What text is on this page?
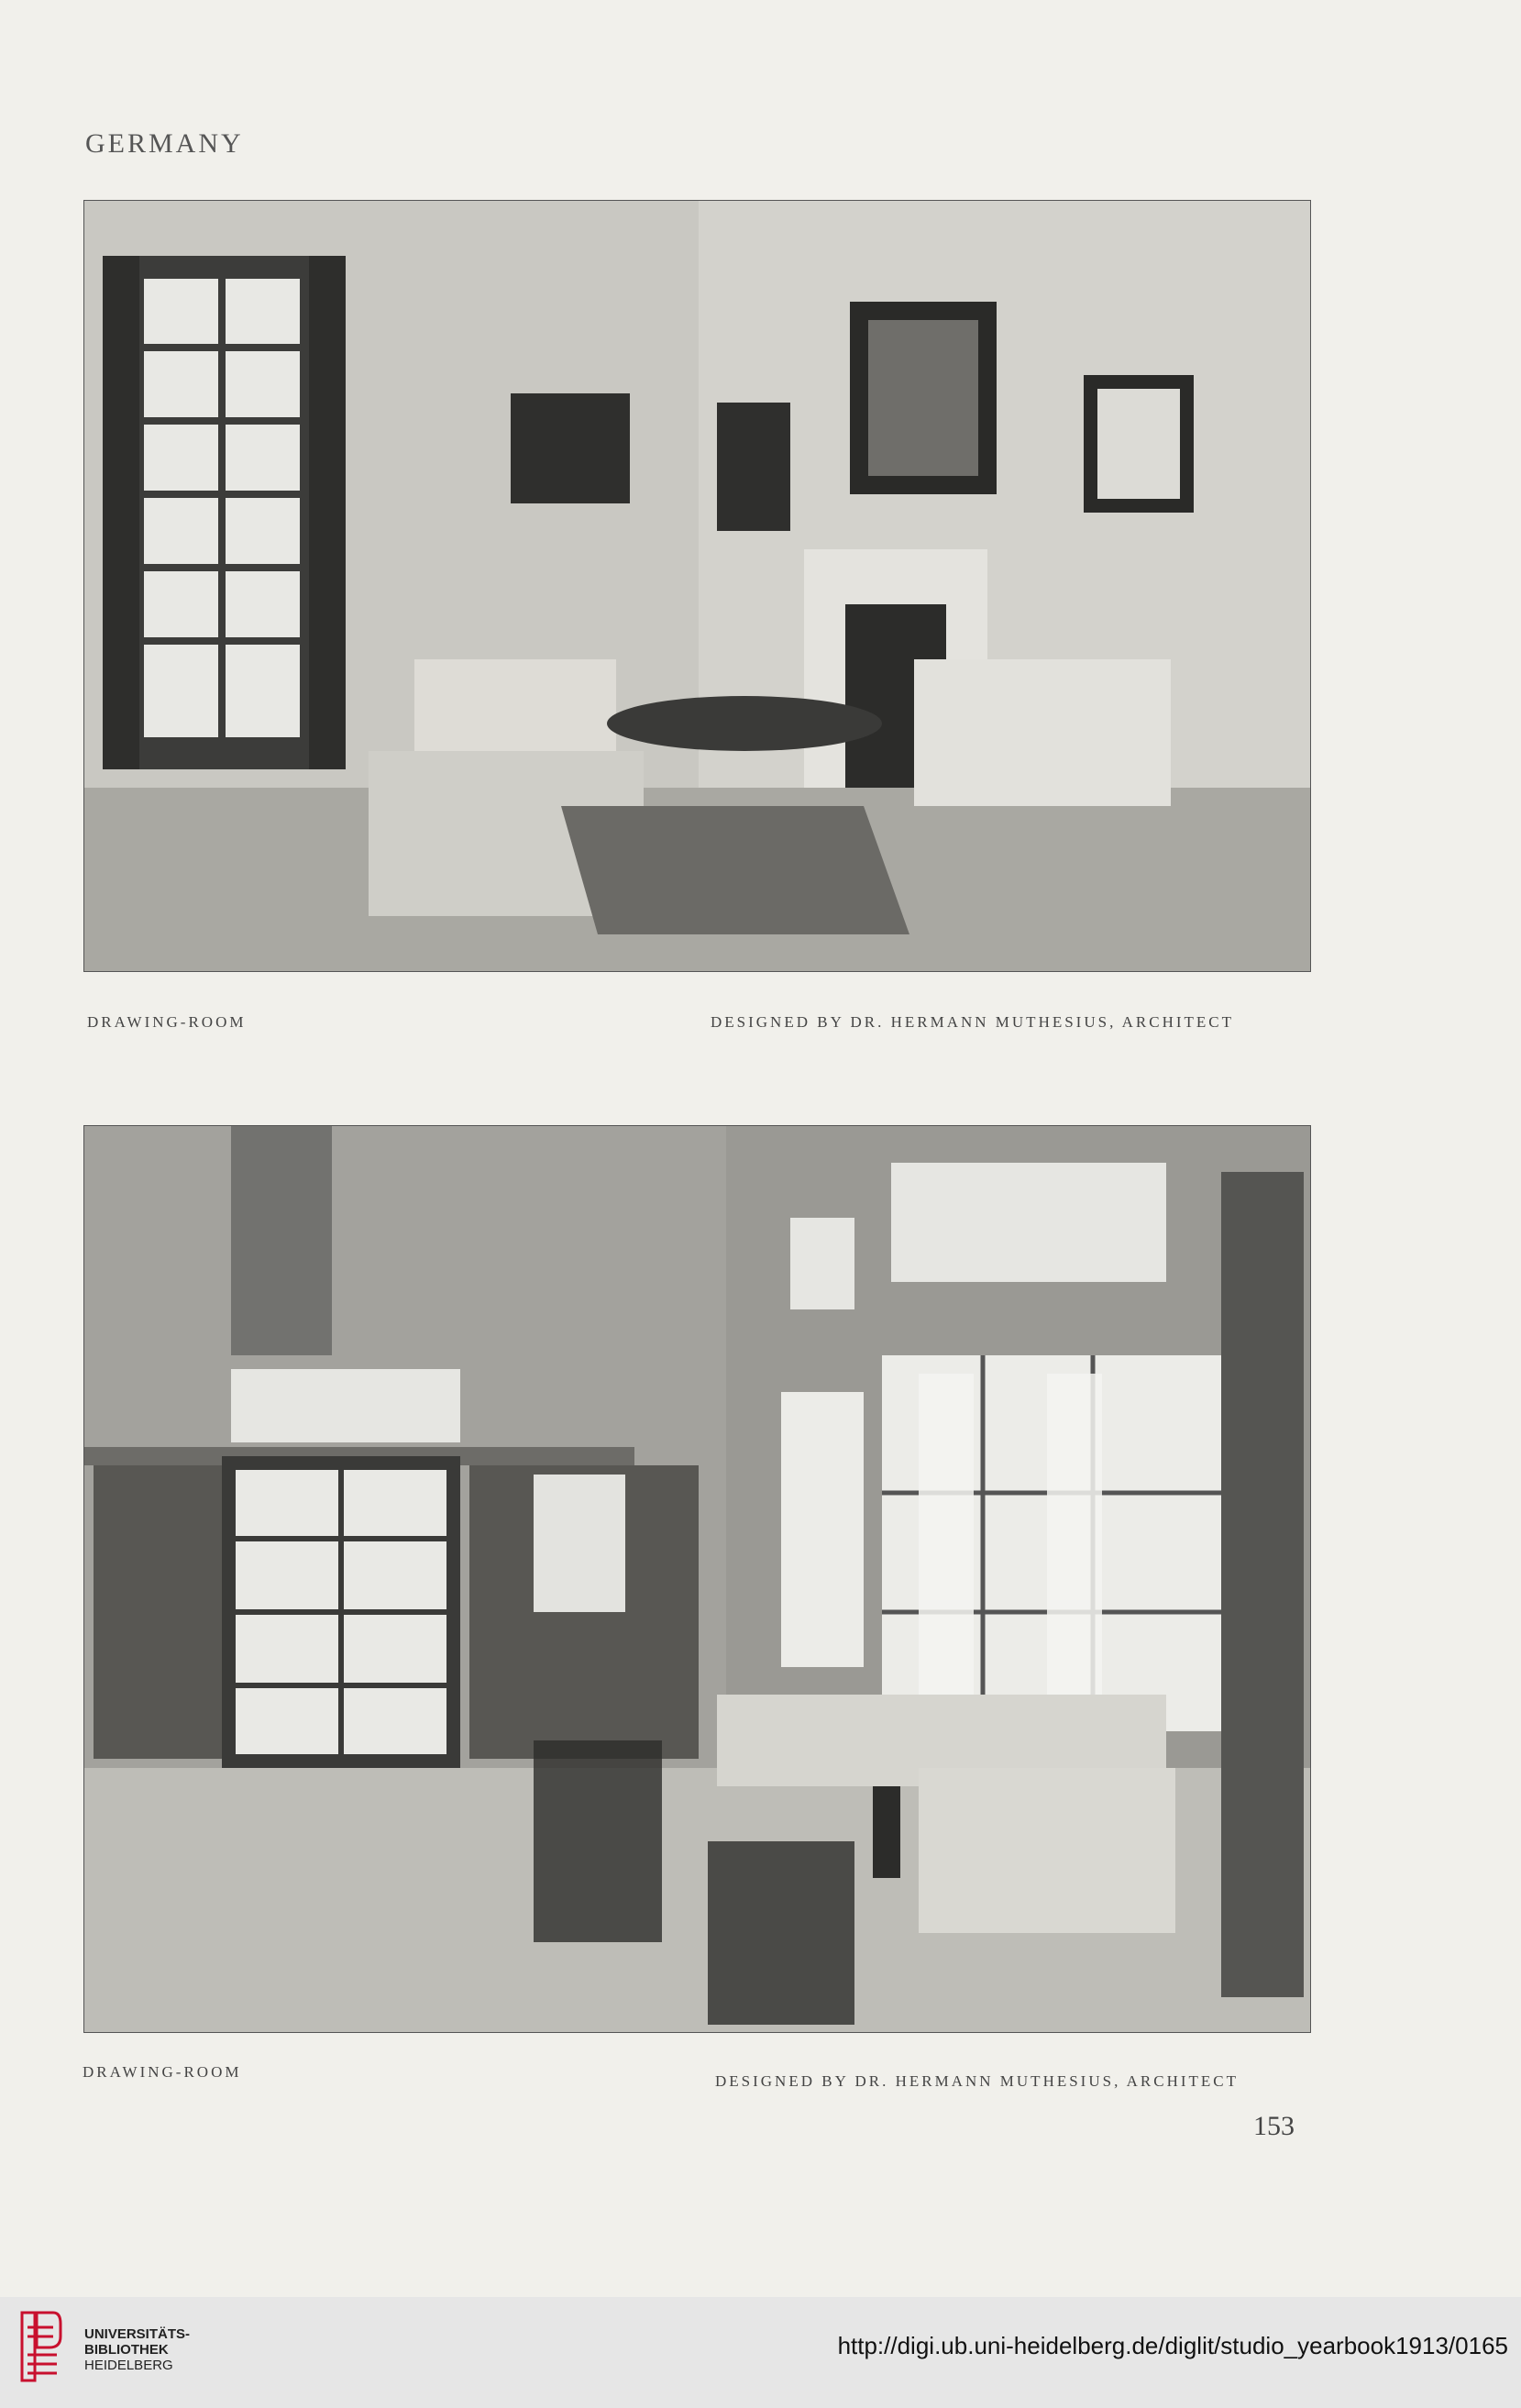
GERMANY
DRAWING-ROOM	DESIGNED BY DR. HERMANN MUTHESIUS, ARCHITECT
DRAWING-ROOM
DESIGNED BY DR. HERMANN MUTHESIUS, ARCHITECT
153
UNIVERSITÄTS-
BIBLIOTHEK
HEIDELBERG
http://digi.ub.uni-heidelberg.de/diglit/studio_yearbook1913/0165
